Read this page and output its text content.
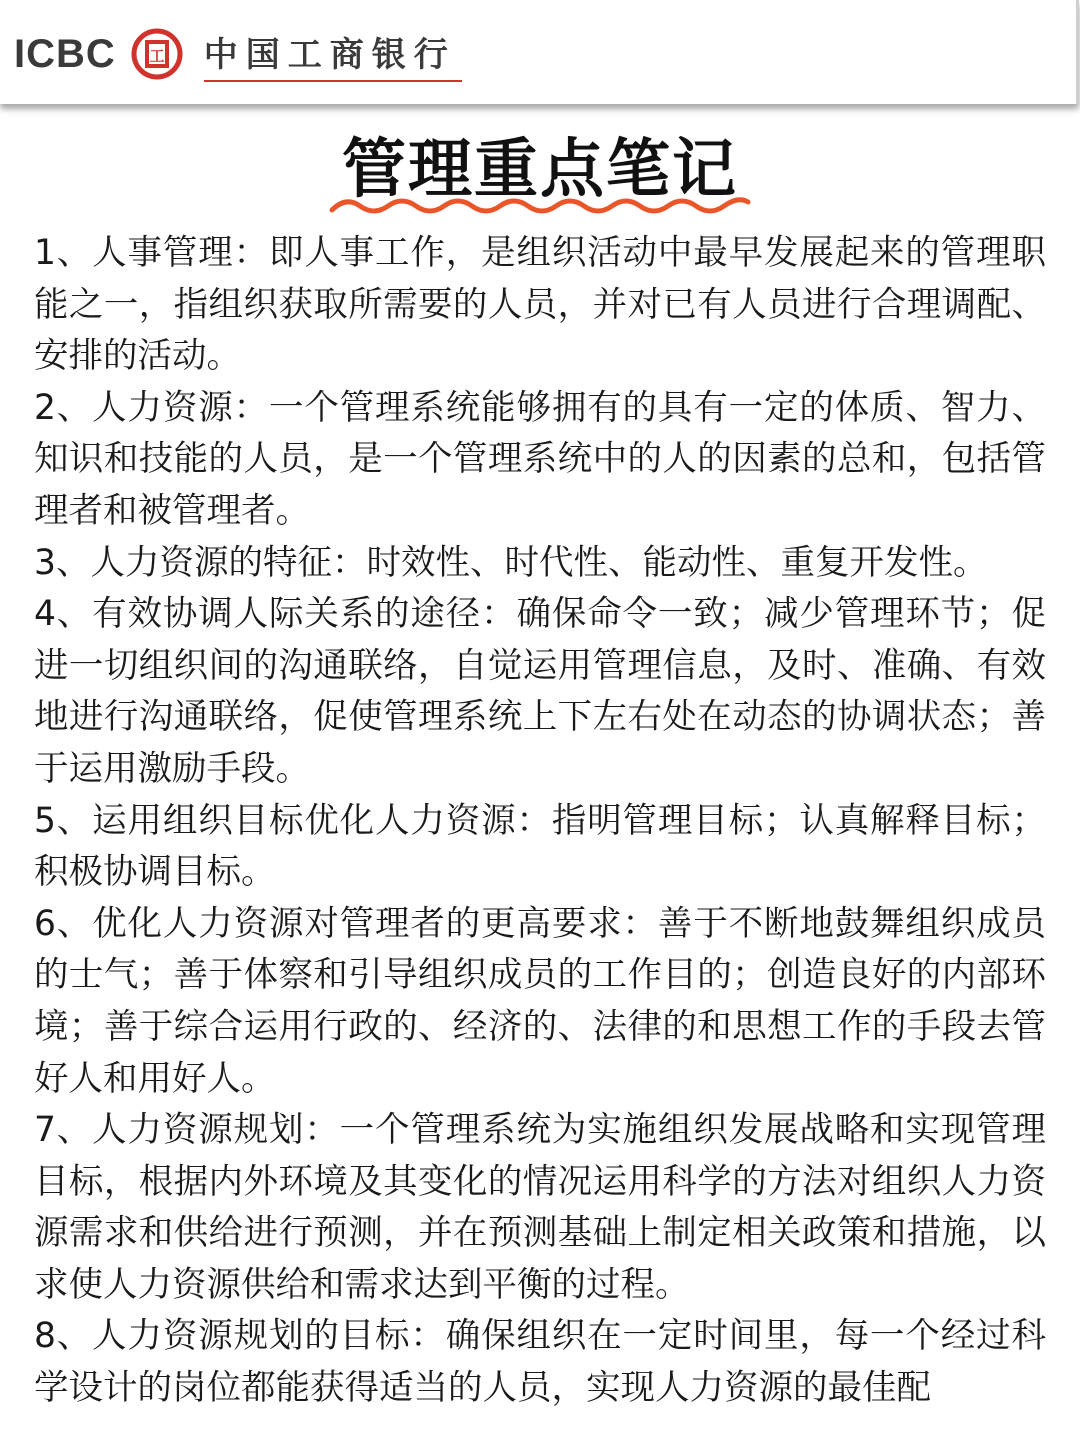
ICBC 工 中国工商银行
管理重点笔记

1、人事管理：即人事工作，是组织活动中最早发展起来的管理职能之一，指组织获取所需要的人员，并对已有人员进行合理调配、安排的活动。

2、人力资源：一个管理系统能够拥有的具有一定的体质、智力、知识和技能的人员，是一个管理系统中的人的因素的总和，包括管理者和被管理者。

3、人力资源的特征：时效性、时代性、能动性、重复开发性。

4、有效协调人际关系的途径：确保命令一致；减少管理环节；促进一切组织间的沟通联络，自觉运用管理信息，及时、准确、有效地进行沟通联络，促使管理系统上下左右处在动态的协调状态；善于运用激励手段。

5、运用组织目标优化人力资源：指明管理目标；认真解释目标；积极协调目标。

6、优化人力资源对管理者的更高要求：善于不断地鼓舞组织成员的士气；善于体察和引导组织成员的工作目的；创造良好的内部环境；善于综合运用行政的、经济的、法律的和思想工作的手段去管好人和用好人。

7、人力资源规划：一个管理系统为实施组织发展战略和实现管理目标，根据内外环境及其变化的情况运用科学的方法对组织人力资源需求和供给进行预测，并在预测基础上制定相关政策和措施，以求使人力资源供给和需求达到平衡的过程。

8、人力资源规划的目标：确保组织在一定时间里，每一个经过科学设计的岗位都能获得适当的人员，实现人力资源的最佳配
